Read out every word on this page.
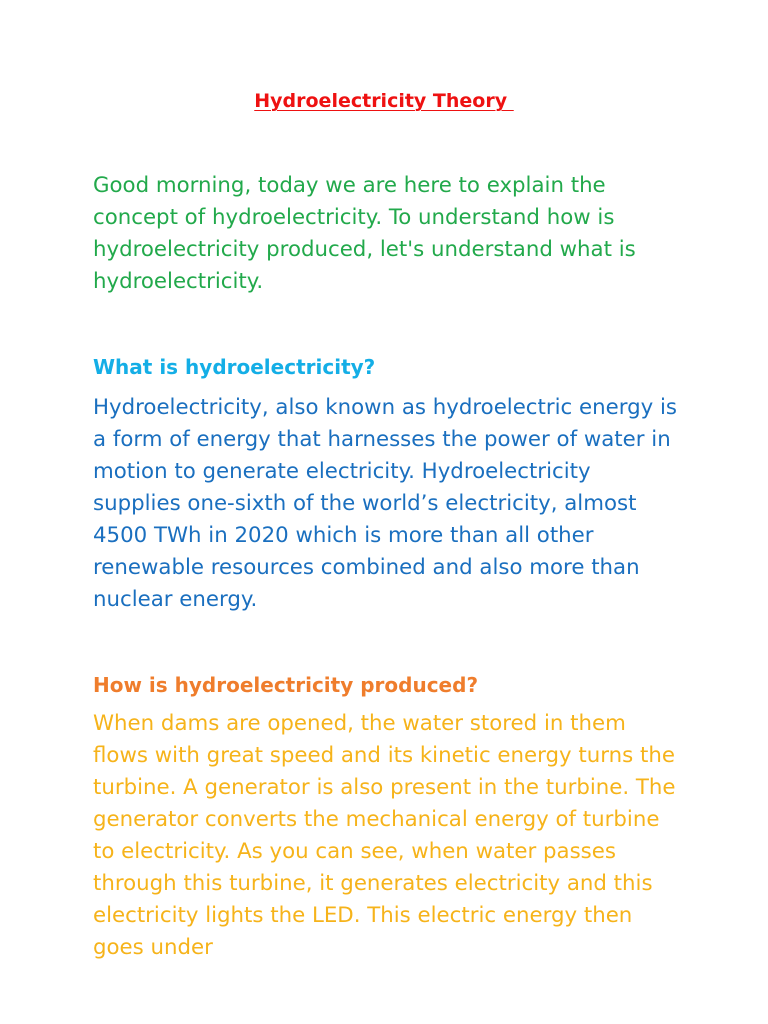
Hydroelectricity Theory

Good morning, today we are here to explain the concept of hydroelectricity. To understand how is hydroelectricity produced, let's understand what is hydroelectricity.

What is hydroelectricity?

Hydroelectricity, also known as hydroelectric energy is a form of energy that harnesses the power of water in motion to generate electricity. Hydroelectricity supplies one-sixth of the world’s electricity, almost 4500 TWh in 2020 which is more than all other renewable resources combined and also more than nuclear energy.

How is hydroelectricity produced?

When dams are opened, the water stored in them flows with great speed and its kinetic energy turns the turbine. A generator is also present in the turbine. The generator converts the mechanical energy of turbine to electricity. As you can see, when water passes through this turbine, it generates electricity and this electricity lights the LED. This electric energy then goes under
